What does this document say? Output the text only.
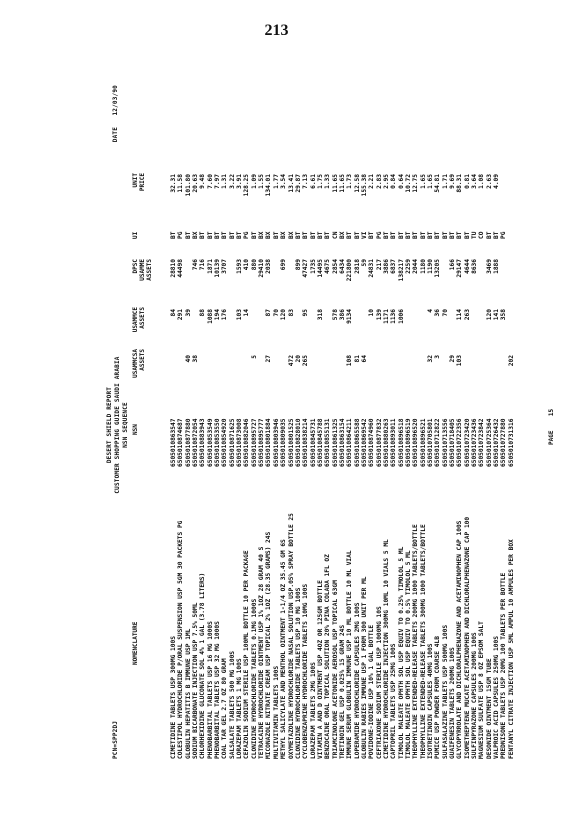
213
PCN=SPP2DJ
DESERT SHIELD REPORT CUSTOMER SHOPPING GUIDE SAUDI ARABIA NSN SEQUENCE
DATE   12/03/90
NOMENCLATURE
NSN
USAMMCSA ASSETS
USAMMCE ASSETS
DPSC USAMME ASSETS
UI
UNIT PRICE
CIMETIDINE TABLETS USP 300MG 100S
6505010863547
84
28810
BT
32.31
COLESTIPOL HYDROCHLORIDE P/ORAL SUSPENSION USP 5GM 30 PACKETS PG
6505010874687
291
44498
PG
11.58
GLOBULIN HEPATITIS B IMMUNE USP 1ML
6505010877880
40
39
BT
101.80
SODIUM BICARBONATE INJECTION USP 7.5% 50ML
6505010872054
38
746
BX
20.63
CHLORHEXIDINE GLUCONATE SOL 4% 1 GAL (3.78 LITERS)
6505010883943
88
716
BT
9.48
PHENOBARBITAL TABLETS USP 16 MG 1000S
6505010853549
1088
1871
BT
7.60
PHENOBARBITAL TABLETS USP 32 MG 1000S
6505010853550
194
10139
BT
7.97
COAL TAR GEL 2.7 OZ 80 GRAM
6505010854920
176
3707
BT
1.31
SALSALATE TABLETS 500 MG 100S
6505010871625
BT
3.22
LORAZEPAM TABLETS 1 MG 100S
6505010873008
103
1593
BT
3.91
CEFAZOLIN SODIUM STERILE USP 100ML BOTTLE 10 PER PACKAGE
6505010882046
14
410
PG
128.25
CLONIDINE HYDROCHLORIDE TABLETS 0.1MG 1000S
6505010895727
5
880
BT
1.09
TETRACAINE HYDROCHLORIDE OINTMENT USP 1% 1OZ 28 GRAM 40 S
6505010895777
29410
BX
1.55
MICONAZOLE NITRATE CREAM USP TOPICAL 2% 1OZ (28.35 GRAMS) 24S
6505010801884
27
87
2038
BX
134.01
MULTIVITAMIN TABLETS 100S
6505010803946
70
BT
1.77
METHYL SALICYLATE AND MENTHOL OINTMENT 1-1/4 OZ 35.45 GM 6S
6505010809035
120
699
BX
3.54
OXYMETAZOLINE HYDROCHLORIDE NASAL SOLUTION USP.05% SPRAY BOTTLE 25
6505010801525
472
83
BX
13.41
CLONIDINE HYDROCHLORIDE TABLETS USP 10 MG 100S
6505010828010
20
899
BT
29.87
CYCLOBENZAPRINE HYDROCHLORIDE TABLETS 10MG 100S
6505010838214
265
95
47427
BT
7.13
LORAZEPAM TABLETS 2MG 100S
6505010845731
1735
BT
6.61
VITAMIN A AND D OINTMENT USP 4OZ OR 125GM BOTTLE
6505010845788
318
14495
BT
1.75
BENZOCAINE ORAL TOPICAL SOLUTION 20% PINA COLADA 1FL OZ
6505010855131
4675
BT
1.33
TRIAMCINOLONE ACETONIDE AEROSOL USP TOPICAL 63GM
6505010861325
578
2854
CN
11.65
TRETINOIN GEL USP 0.025% 15 GRAM 24S
6505010863154
386
6434
BX
11.65
IMMUNE SERUM GLOBULIN IMMUNE USP 10 ML BOTTLE 10 ML VIAL
6505010864211
108
9134
221800
BT
1.73
LOPERAMIDE HYDROCHLORIDE CAPSULES 2MG 100S
6505010865588
81
2818
BT
12.58
GLOBULIN RABIES IMMUNE USP 1 FORM 300 UNIT PER ML
6505010869542
64
59
VI
155.38
POVIDONE-IODINE USP 10% 1 GAL BOTTLE
6505010874960
10
24831
BT
2.21
CEFTRIAXONE SODIUM STERILE USP 1000MG 10S
6505010877832
139
217
PG
2.83
CIMETIDINE HYDROCHLORIDE INJECTION 300MG 10ML 10 VIALS 5 ML
6505010880263
1171
3886
BT
2.95
CAPTOPRIL TABLETS USP 25MG 100S
6505010893011
1136
6837
BT
0.84
TIMOLOL MALEATE OPHTH SOL USP EQUIV TO 0.25% TIMOLOL 5 ML
6505010896518
1006
138217
BT
0.64
TIMOLOL MALEATE OPHTH SOL USP EQUIV TO 0.5% TIMOLOL 5 ML
6505010896519
2259
BT
10.72
THEOPHYLLINE EXTENDED-RELEASE TABLETS 200MG 1000 TABLETS/BOTTLE
6505010896520
2044
BT
12.75
THEOPHYLLINE EXTENDED-RELEASE TABLETS 300MG 1000 TABLETS/BOTTLE
6505010896521
1180
BT
1.65
ISOTRETINOIN CAPSULES 40MG 100S
6505010705801
32
4
1190
BT
1.65
PUMICE USP POWDER FORM COARSE 4LB
6505010712822
3
36
13205
BT
54.81
SULFASALAZINE TABLETS USP 500MG 100S
6505010713556
70
BT
1.71
GUAIFENESIN TABLETS 200MG 100S
6505010718405
29
166
BT
9.69
GLYCOPYRROLATE AND DICHLORALPHENAZONE AND ACETAMINOPHEN CAP 100S
6505010722356
103
114
29147
BT
88.31
ISOMETHEPTENE MUCATE ACETAMINOPHEN AND DICHLORALPHENAZONE CAP 100
6505010723420
263
4644
BT
0.81
SULFINPYRAZONE CAPSULES 200MG 100S
6505010723436
8636
TU
3.64
MAGNESIUM SULFATE USP 8 OZ EPSOM SALT
6505010723842
CO
1.08
DESONIDE OINTMENT 15GM TUBE
6505010725364
120
3469
BT
2.63
VALPROIC ACID CAPSULES 250MG 100S
6505010726432
141
1888
BT
4.09
PREDNISONE TABLETS USP 20MG 100 TABLETS PER BOTTLE
6505010727880
358
PG
FENTANYL CITRATE INJECTION USP 5ML AMPUL 10 AMPULES PER BOX
6505010731316
202
PAGE    15
